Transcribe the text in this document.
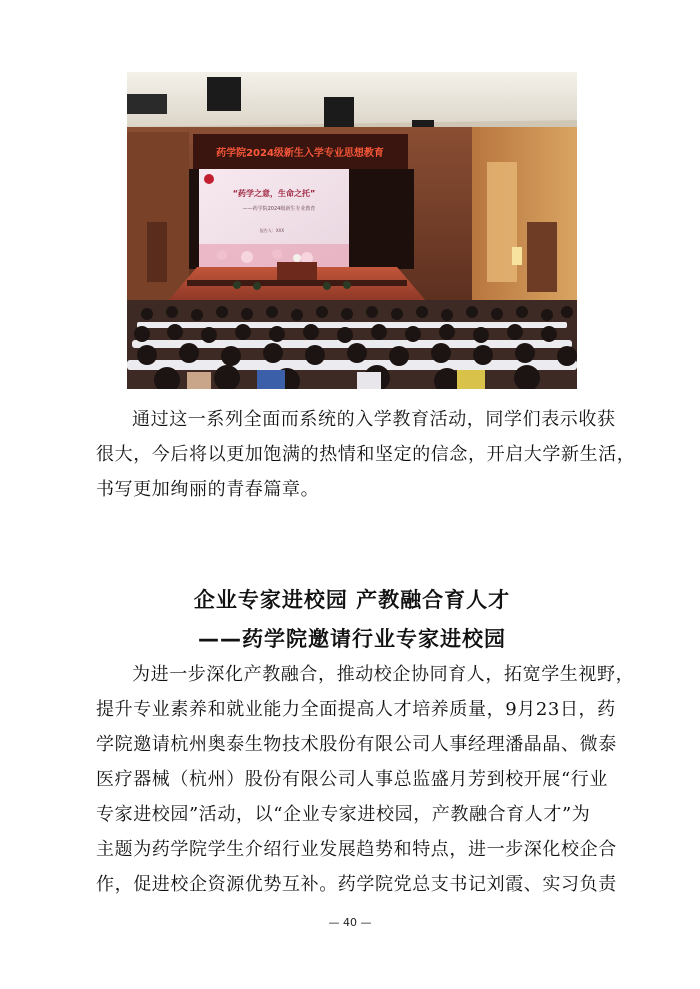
药学院2024级新生入学专业思想教育
“药学之意，生命之托”
——药学院2024级新生专业教育
报告人：XXX
通过这一系列全面而系统的入学教育活动，同学们表示收获
很大，今后将以更加饱满的热情和坚定的信念，开启大学新生活，
书写更加绚丽的青春篇章。
企业专家进校园 产教融合育人才
——药学院邀请行业专家进校园
为进一步深化产教融合，推动校企协同育人，拓宽学生视野，
提升专业素养和就业能力全面提高人才培养质量，9月23日，药
学院邀请杭州奥泰生物技术股份有限公司人事经理潘晶晶、微泰
医疗器械（杭州）股份有限公司人事总监盛月芳到校开展“行业
专家进校园”活动，以“企业专家进校园，产教融合育人才”为
主题为药学院学生介绍行业发展趋势和特点，进一步深化校企合
作，促进校企资源优势互补。药学院党总支书记刘霞、实习负责
— 40 —
